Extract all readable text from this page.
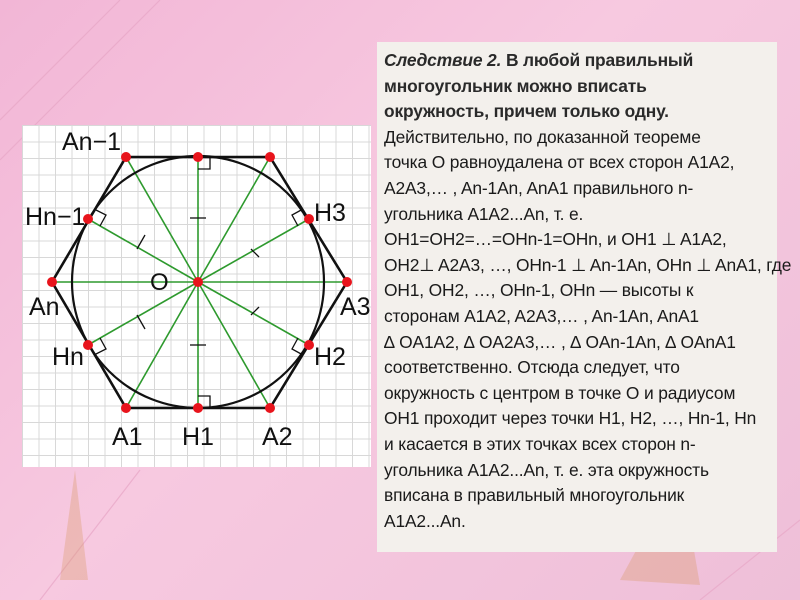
O
An−1
Hn−1
An
Hn
A1 H1 A2
H2
A3
H3
Следствие 2. В любой правильный
многоугольник можно вписать
окружность, причем только одну.
Действительно, по доказанной теореме
точка O равноудалена от всех сторон A1A2,
A2A3,… , An-1An, AnA1 правильного n-
угольника A1A2...An, т. е.
OH1=OH2=…=OHn-1=OHn, и OH1 ⊥ A1A2,
OH2⊥ A2A3, …, OHn-1 ⊥ An-1An, OHn ⊥ AnA1, где
OH1, OH2, …, OHn-1, OHn — высоты к
сторонам A1A2, A2A3,… , An-1An, AnA1
∆ OA1A2, ∆ OA2A3,… , ∆ OAn-1An, ∆ OAnA1
соответственно. Отсюда следует, что
окружность с центром в точке O и радиусом
OH1 проходит через точки H1, H2, …, Hn-1, Hn
и касается в этих точках всех сторон n-
угольника A1A2...An, т. е. эта окружность
вписана в правильный многоугольник
A1A2...An.
